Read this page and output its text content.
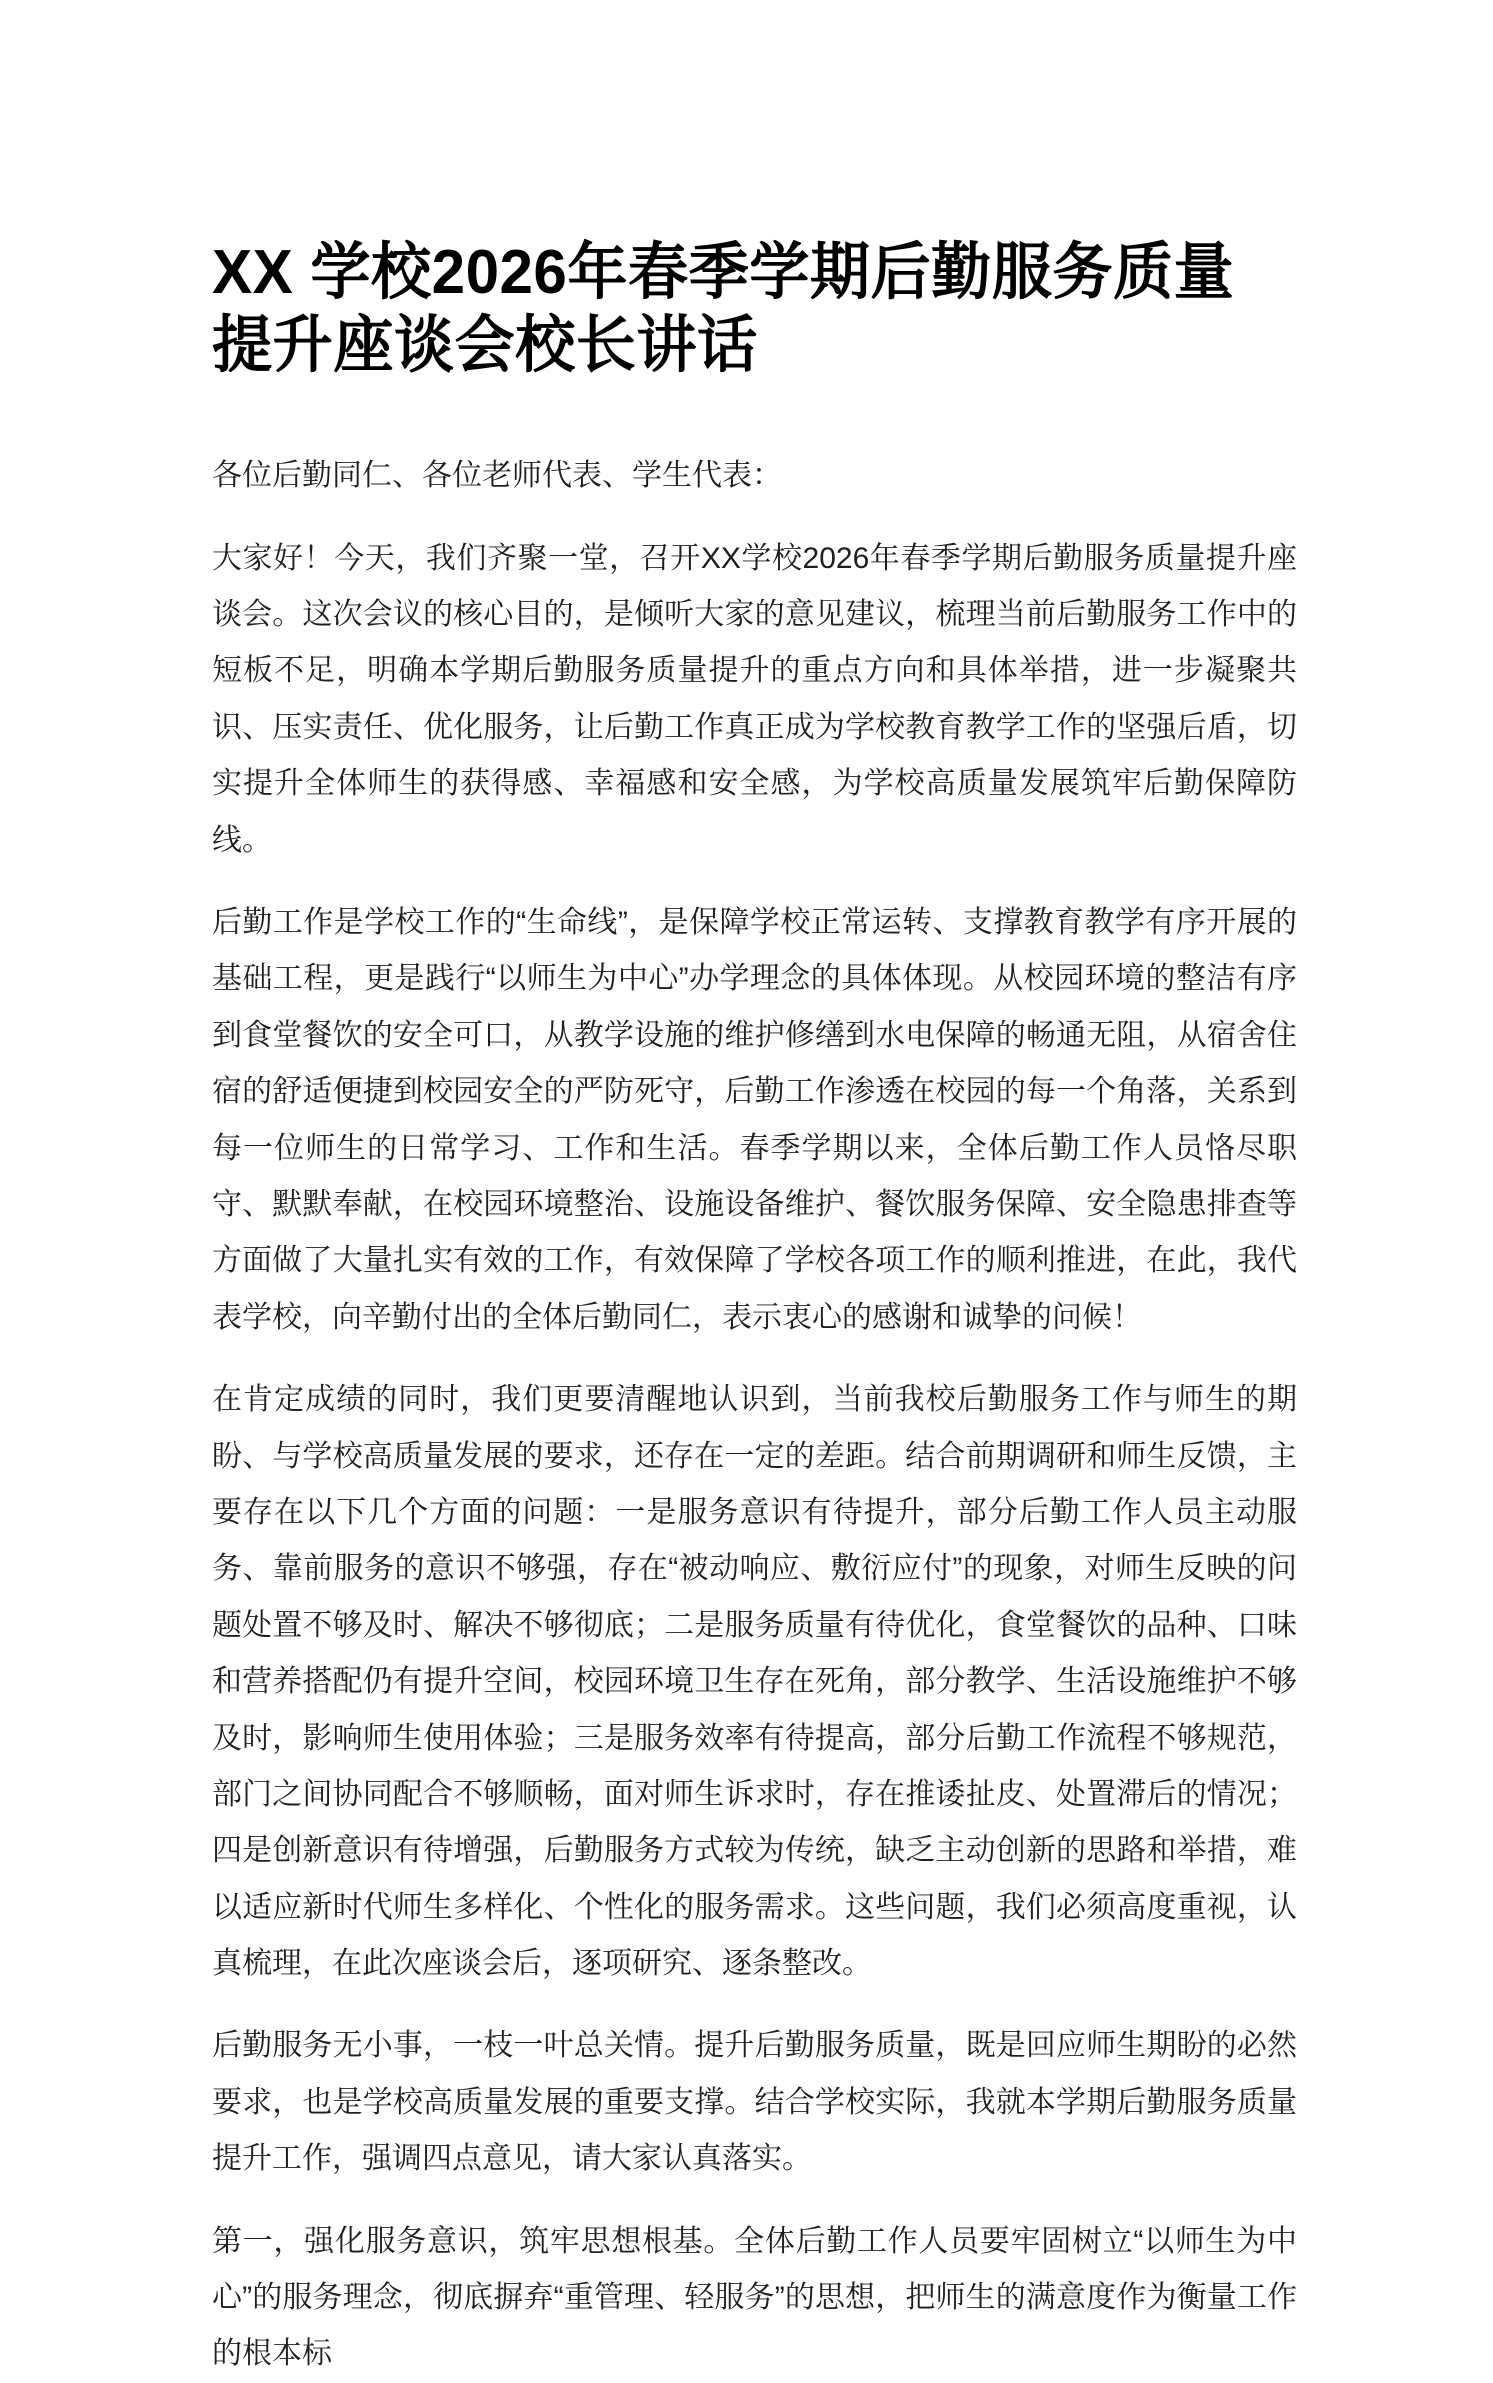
XX 学校2026年春季学期后勤服务质量提升座谈会校长讲话

各位后勤同仁、各位老师代表、学生代表：

大家好！今天，我们齐聚一堂，召开XX学校2026年春季学期后勤服务质量提升座谈会。这次会议的核心目的，是倾听大家的意见建议，梳理当前后勤服务工作中的短板不足，明确本学期后勤服务质量提升的重点方向和具体举措，进一步凝聚共识、压实责任、优化服务，让后勤工作真正成为学校教育教学工作的坚强后盾，切实提升全体师生的获得感、幸福感和安全感，为学校高质量发展筑牢后勤保障防线。

后勤工作是学校工作的“生命线”，是保障学校正常运转、支撑教育教学有序开展的基础工程，更是践行“以师生为中心”办学理念的具体体现。从校园环境的整洁有序到食堂餐饮的安全可口，从教学设施的维护修缮到水电保障的畅通无阻，从宿舍住宿的舒适便捷到校园安全的严防死守，后勤工作渗透在校园的每一个角落，关系到每一位师生的日常学习、工作和生活。春季学期以来，全体后勤工作人员恪尽职守、默默奉献，在校园环境整治、设施设备维护、餐饮服务保障、安全隐患排查等方面做了大量扎实有效的工作，有效保障了学校各项工作的顺利推进，在此，我代表学校，向辛勤付出的全体后勤同仁，表示衷心的感谢和诚挚的问候！

在肯定成绩的同时，我们更要清醒地认识到，当前我校后勤服务工作与师生的期盼、与学校高质量发展的要求，还存在一定的差距。结合前期调研和师生反馈，主要存在以下几个方面的问题：一是服务意识有待提升，部分后勤工作人员主动服务、靠前服务的意识不够强，存在“被动响应、敷衍应付”的现象，对师生反映的问题处置不够及时、解决不够彻底；二是服务质量有待优化，食堂餐饮的品种、口味和营养搭配仍有提升空间，校园环境卫生存在死角，部分教学、生活设施维护不够及时，影响师生使用体验；三是服务效率有待提高，部分后勤工作流程不够规范，部门之间协同配合不够顺畅，面对师生诉求时，存在推诿扯皮、处置滞后的情况；四是创新意识有待增强，后勤服务方式较为传统，缺乏主动创新的思路和举措，难以适应新时代师生多样化、个性化的服务需求。这些问题，我们必须高度重视，认真梳理，在此次座谈会后，逐项研究、逐条整改。

后勤服务无小事，一枝一叶总关情。提升后勤服务质量，既是回应师生期盼的必然要求，也是学校高质量发展的重要支撑。结合学校实际，我就本学期后勤服务质量提升工作，强调四点意见，请大家认真落实。

第一，强化服务意识，筑牢思想根基。全体后勤工作人员要牢固树立“以师生为中心”的服务理念，彻底摒弃“重管理、轻服务”的思想，把师生的满意度作为衡量工作的根本标
